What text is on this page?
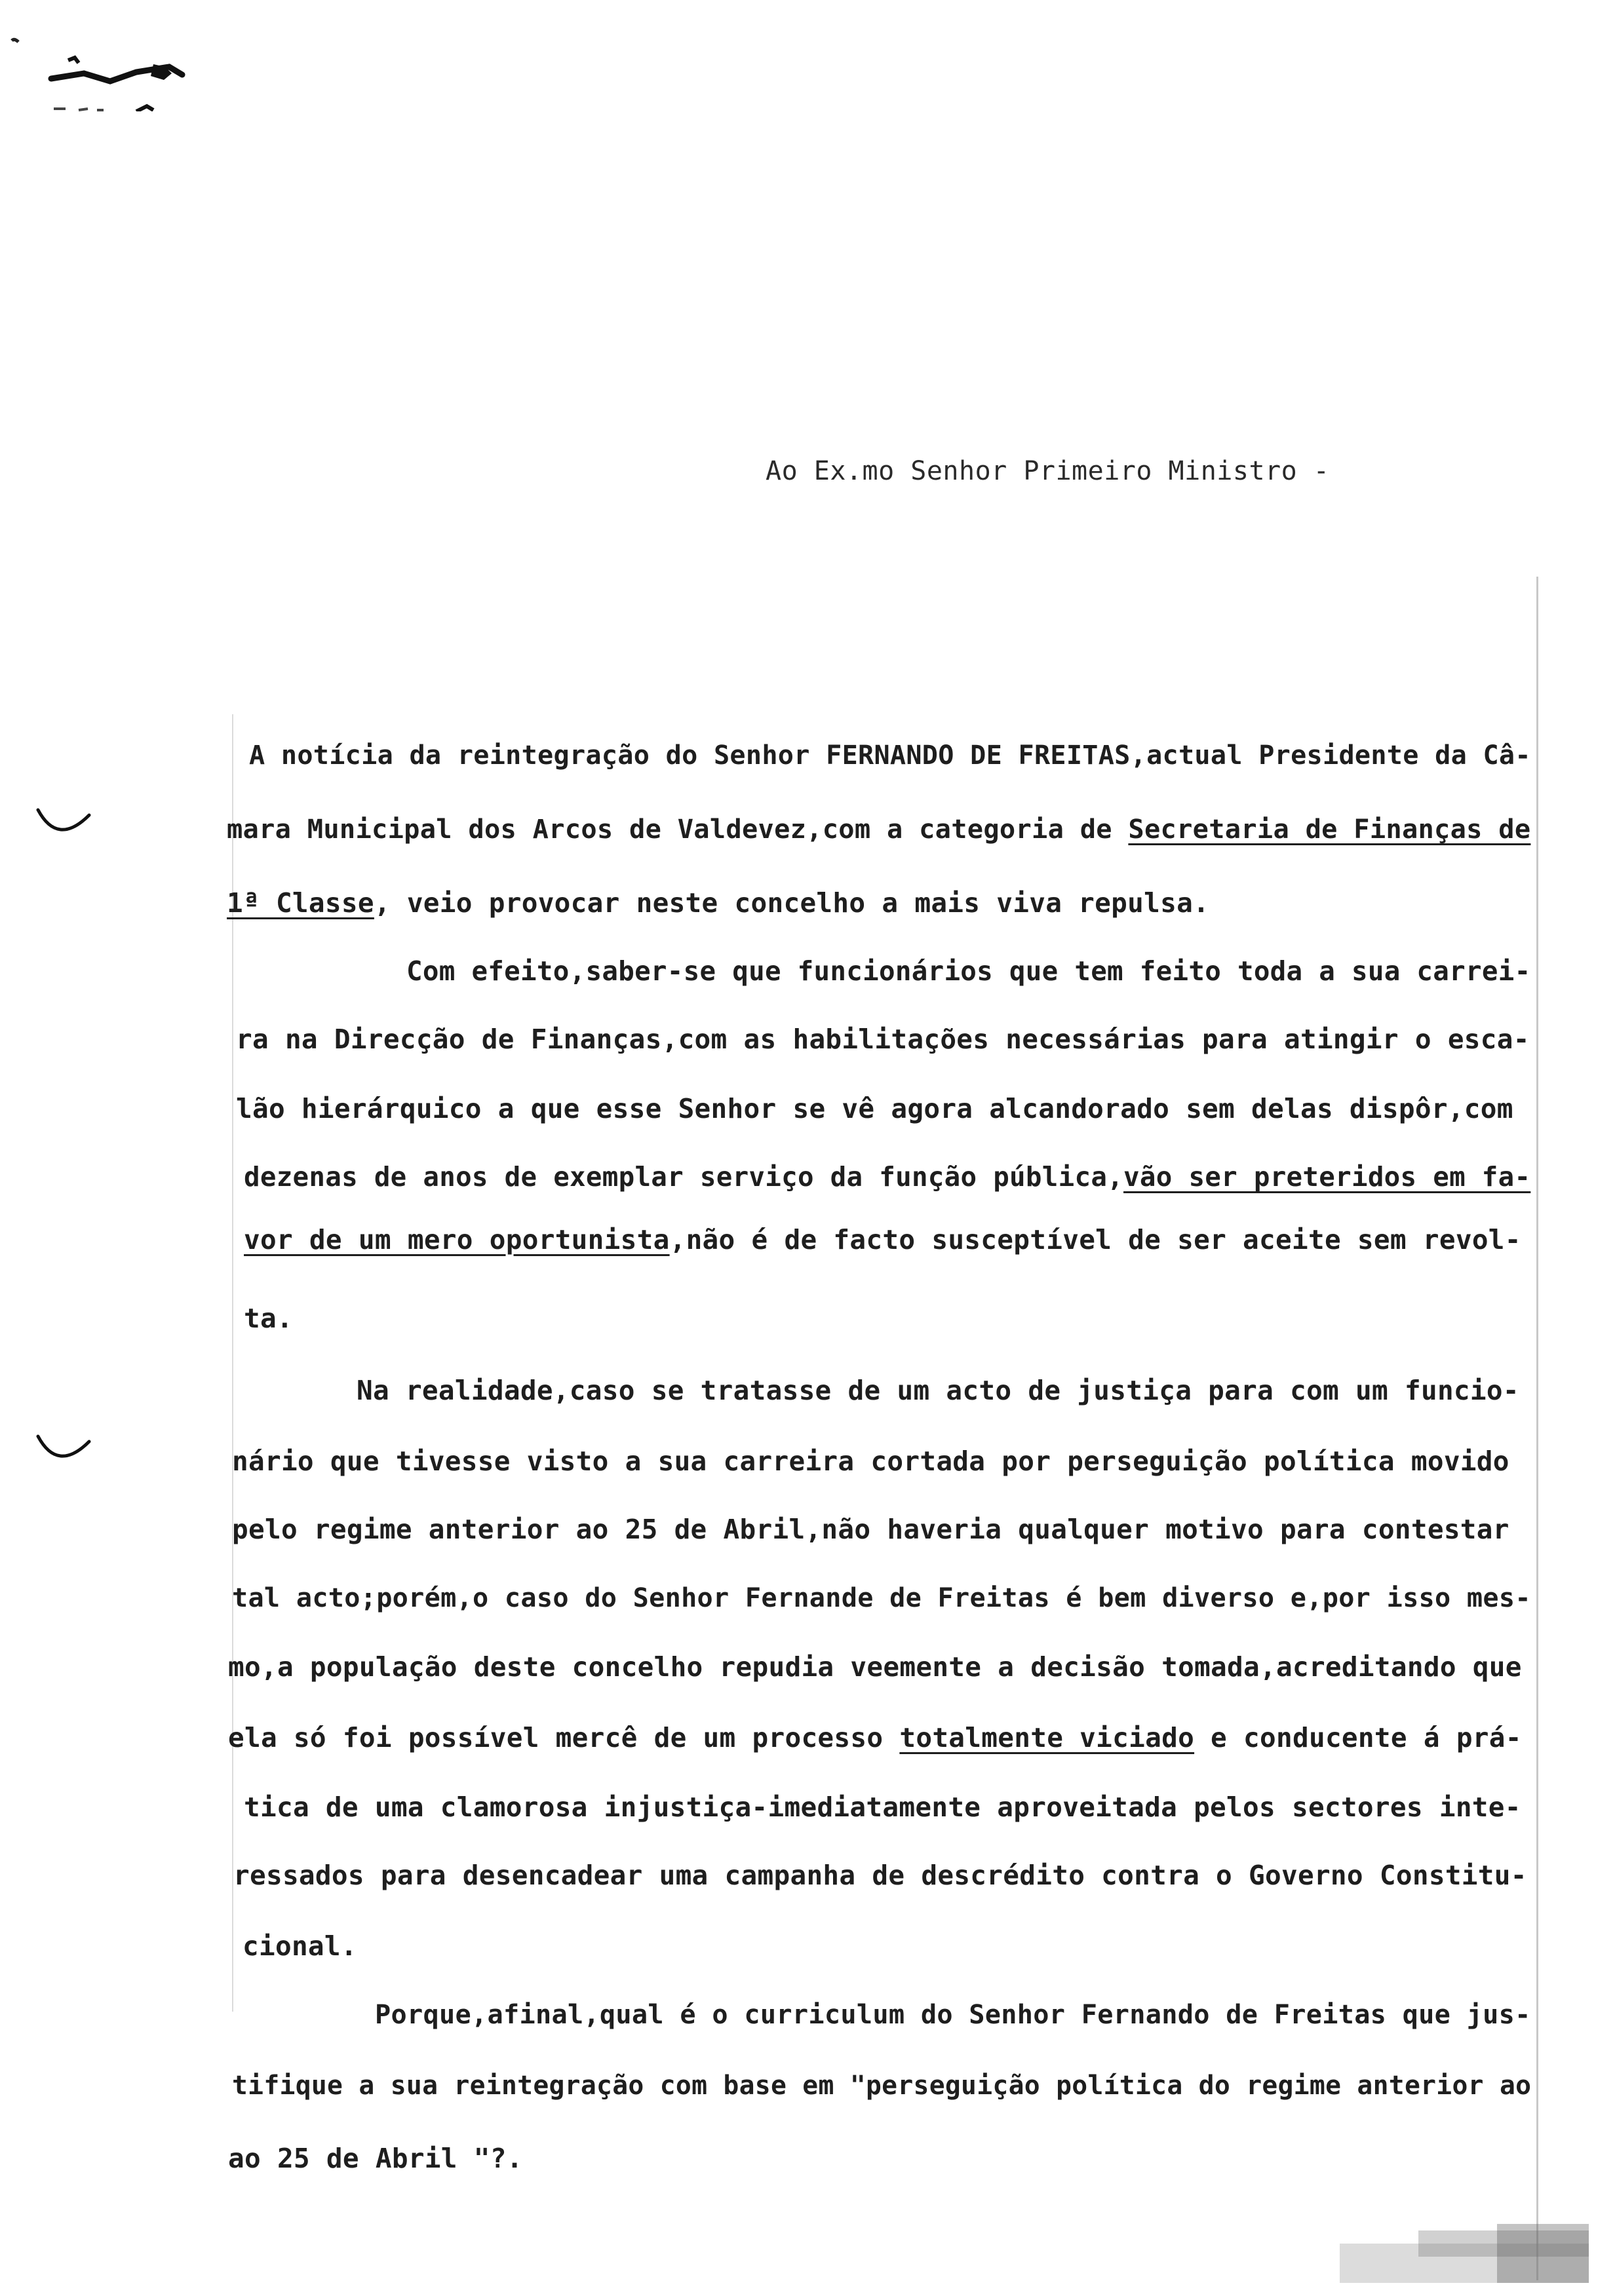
Ao Ex.mo Senhor Primeiro Ministro -
A notícia da reintegração do Senhor FERNANDO DE FREITAS,actual Presidente da Câ-
mara Municipal dos Arcos de Valdevez,com a categoria de Secretaria de Finanças de
1ª Classe, veio provocar neste concelho a mais viva repulsa.
Com efeito,saber-se que funcionários que tem feito toda a sua carrei-
ra na Direcção de Finanças,com as habilitações necessárias para atingir o esca-
lão hierárquico a que esse Senhor se vê agora alcandorado sem delas dispôr,com
dezenas de anos de exemplar serviço da função pública,vão ser preteridos em fa-
vor de um mero oportunista,não é de facto susceptível de ser aceite sem revol-
ta.
Na realidade,caso se tratasse de um acto de justiça para com um funcio-
nário que tivesse visto a sua carreira cortada por perseguição política movido
pelo regime anterior ao 25 de Abril,não haveria qualquer motivo para contestar
tal acto;porém,o caso do Senhor Fernande de Freitas é bem diverso e,por isso mes-
mo,a população deste concelho repudia veemente a decisão tomada,acreditando que
ela só foi possível mercê de um processo totalmente viciado e conducente á prá-
tica de uma clamorosa injustiça-imediatamente aproveitada pelos sectores inte-
ressados para desencadear uma campanha de descrédito contra o Governo Constitu-
cional.
Porque,afinal,qual é o curriculum do Senhor Fernando de Freitas que jus-
tifique a sua reintegração com base em "perseguição política do regime anterior ao
ao 25 de Abril "?.
